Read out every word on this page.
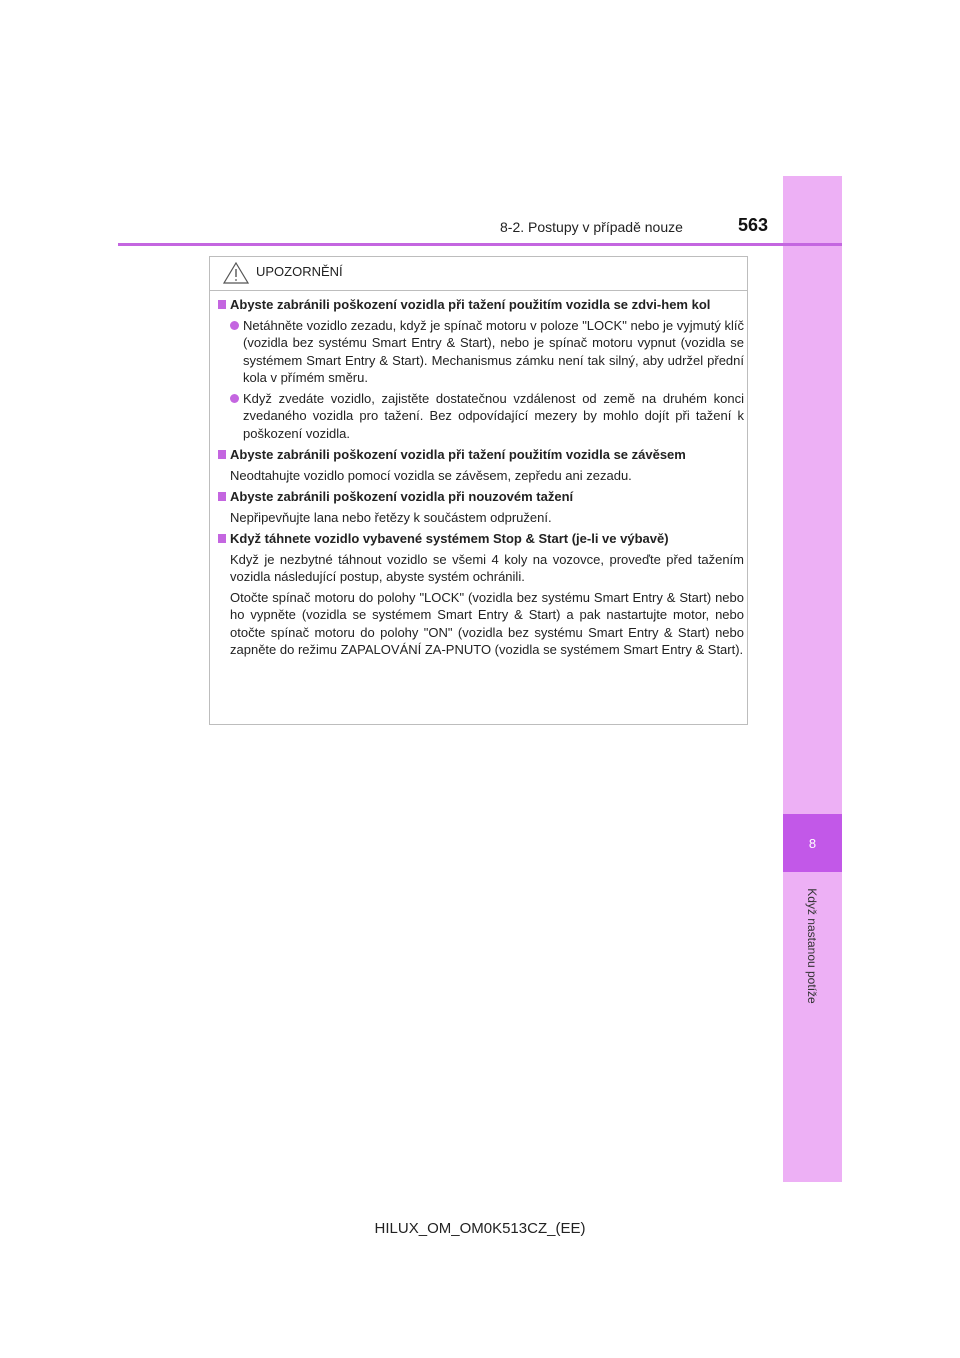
8
Když nastanou potíže
8-2. Postupy v případě nouze	563
UPOZORNĚNÍ
Abyste zabránili poškození vozidla při tažení použitím vozidla se zdvi-hem kol
Netáhněte vozidlo zezadu, když je spínač motoru v poloze "LOCK" nebo je vyjmutý klíč (vozidla bez systému Smart Entry & Start), nebo je spínač motoru vypnut (vozidla se systémem Smart Entry & Start). Mechanismus zámku není tak silný, aby udržel přední kola v přímém směru.
Když zvedáte vozidlo, zajistěte dostatečnou vzdálenost od země na druhém konci zvedaného vozidla pro tažení. Bez odpovídající mezery by mohlo dojít při tažení k poškození vozidla.
Abyste zabránili poškození vozidla při tažení použitím vozidla se závěsem
Neodtahujte vozidlo pomocí vozidla se závěsem, zepředu ani zezadu.
Abyste zabránili poškození vozidla při nouzovém tažení
Nepřipevňujte lana nebo řetězy k součástem odpružení.
Když táhnete vozidlo vybavené systémem Stop & Start (je-li ve výbavě)
Když je nezbytné táhnout vozidlo se všemi 4 koly na vozovce, proveďte před tažením vozidla následující postup, abyste systém ochránili.
Otočte spínač motoru do polohy "LOCK" (vozidla bez systému Smart Entry & Start) nebo ho vypněte (vozidla se systémem Smart Entry & Start) a pak nastartujte motor, nebo otočte spínač motoru do polohy "ON" (vozidla bez systému Smart Entry & Start) nebo zapněte do režimu ZAPALOVÁNÍ ZA-PNUTO (vozidla se systémem Smart Entry & Start).
HILUX_OM_OM0K513CZ_(EE)
